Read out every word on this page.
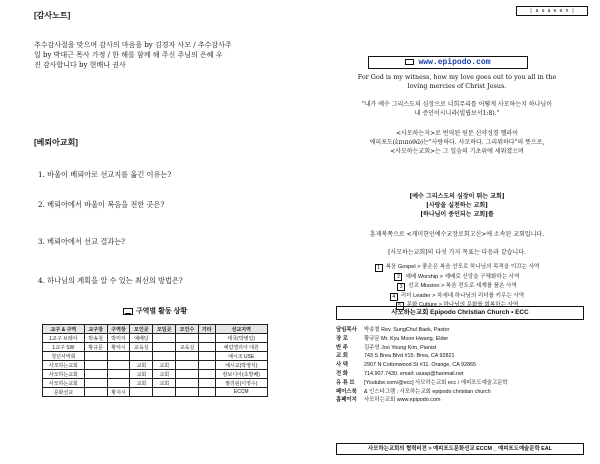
[감사노트]
추수감사절을 맞으며 감사의 마음을 by 김경자 사모 / 추수감사주
일 by 박대근 목사 가정 / 한 해를 함께 해 주신 주님의 은혜 우
진 감사합니다 by 현배나 권사
[베뢰아교회]
1. 바울이 베뢰아로 선교지를 옮긴 이유는?
2. 베뢰아에서 바울이 복음을 전한 곳은?
3. 베뢰아에서 선교 결과는?
4. 하나님의 계획을 알 수 있는 최선의 방법은?
구역별 활동 상황
교구 & 구역	교구장	구역장	모인곳	모임곳	모인수	기타	선교지역
1교구 브레아	박송철	박미자	예배당				태국(박병일)
1교구 SW	황규문	황익시	교육실		교육실		예림엘리아 대원
청년사역회							예시조 USE
사모하는교회			교회	교회			예시교(박영식)
사모하는교회			교회	교회			캄보디아(초방베)
사모하는교회			교회	교회			필리핀(이영수)
문화선교		황지시					ECCM
| a u a e e n |
www.epipodo.com
For God is my witness, how my love goes out to you all in the
loving mercies of Christ Jesus.
"내가 예수 그리스도의 심장으로 너희무리를 어떻게 사모하는지 하나님이
내 증인이시니라(빌립보서1:8)."
<사모하는지>로 번역된 원문 신약성경 헬라어
에피포도(ἐπιποθῶ)는"사랑하다. 사모하다. 그리워하다"의 뜻으로,
<사모하는교회>는 그 일슴의 기초위에 세워졌으며
[예수 그리스도의 심장이 뛰는 교회]
[사랑을 실천하는 교회]
[하나님이 중인되는 교회]를
훈재북쪽으로 <재미한인예수교장로회고신>에 소속된 교회입니다.
[사모하는교회]의 다섯 가지 목표는 다음과 같습니다.
1	복음 Gospel > 좋은은 복음 선포로 하나님의 목적을 이끄는 사역
2	예배 Worship > 예배로 신앙을 구체화하는 사역
3	선교 Mission > 복음 전도로 세계를 품은 사역
4	리더 Leader > 차세대 하나님의 리더를 키우는 사역
5	문화 Culture > 하나님의 문화를 회복하는 사역
사모하는교회 Epipodo Christian Church • ECC
담임목사	박송철 Rev. SungChul Baek, Pastor
장 로	황규문 Mr. Kyu Moon Hwang, Elder
반 주	김주영 Joo Young Kim, Pianist
교 회	743 S Brea Blvd #15. Brea, CA 92821
사 택	2907 N Cottonwood St #11. Orange, CA 92865
전 화	714.907.7430. email: usasp@hanmail.net
유 튜 브	[Youtube.com/@ecc] 사모하는교회 ecc / 예피포도예술고문학
페이스북	& 인스타그램 : 사모하는교회 epipodo christian church
홈페이지	사모하는교회 www.epipodo.com
사모하는교회의 협력비전 > 예피포도문화선교 ECCM _ 예피포도예술문학 EAL
